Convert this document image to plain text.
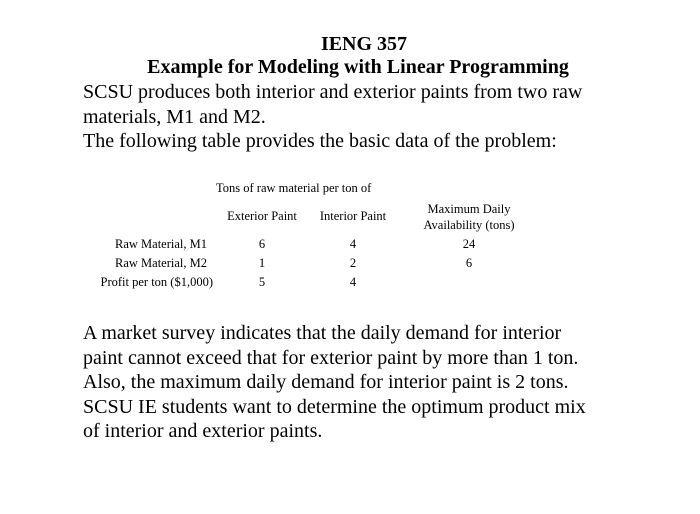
IENG 357
Example for Modeling with Linear Programming

SCSU produces both interior and exterior paints from two raw

materials, M1 and M2.

The following table provides the basic data of the problem:

Tons of raw material per ton of
Exterior Paint	Interior Paint	Maximum Daily
Availability (tons)
Raw Material, M1	6	4	24
Raw Material, M2	1	2	6
Profit per ton ($1,000)	5	4

A market survey indicates that the daily demand for interior

paint cannot exceed that for exterior paint by more than 1 ton.

Also, the maximum daily demand for interior paint is 2 tons.

SCSU IE students want to determine the optimum product mix

of interior and exterior paints.
